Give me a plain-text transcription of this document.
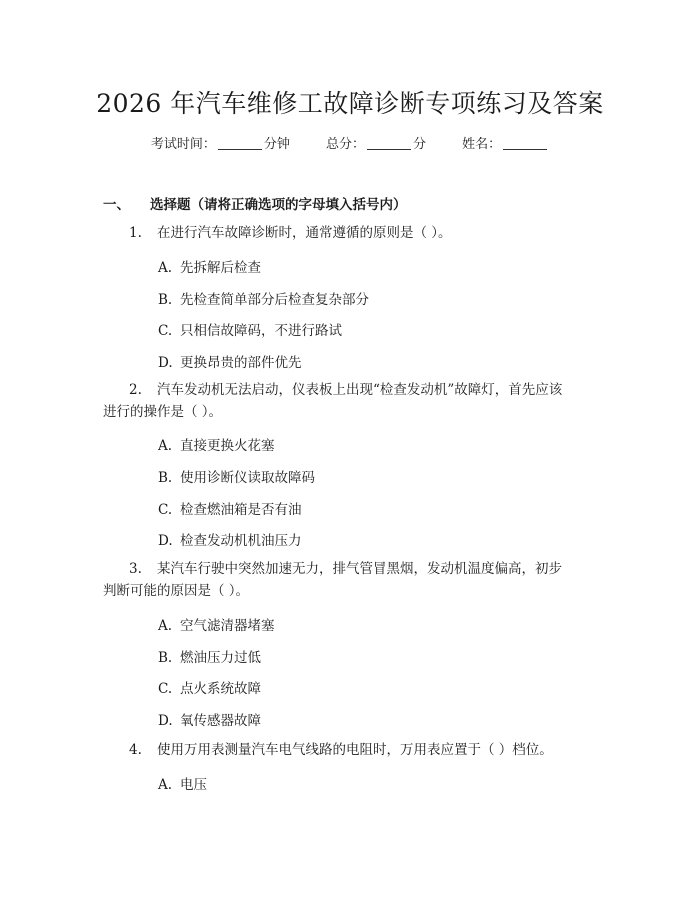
2026 年汽车维修工故障诊断专项练习及答案
考试时间：	分钟	总分：	分	姓名：
一、 选择题（请将正确选项的字母填入括号内）
1. 在进行汽车故障诊断时，通常遵循的原则是（ ）。
A. 先拆解后检查
B. 先检查简单部分后检查复杂部分
C. 只相信故障码，不进行路试
D. 更换昂贵的部件优先
2. 汽车发动机无法启动，仪表板上出现“检查发动机”故障灯，首先应该进行的操作是（ ）。
A. 直接更换火花塞
B. 使用诊断仪读取故障码
C. 检查燃油箱是否有油
D. 检查发动机机油压力
3. 某汽车行驶中突然加速无力，排气管冒黑烟，发动机温度偏高，初步判断可能的原因是（ ）。
A. 空气滤清器堵塞
B. 燃油压力过低
C. 点火系统故障
D. 氧传感器故障
4. 使用万用表测量汽车电气线路的电阻时，万用表应置于（ ）档位。
A. 电压
